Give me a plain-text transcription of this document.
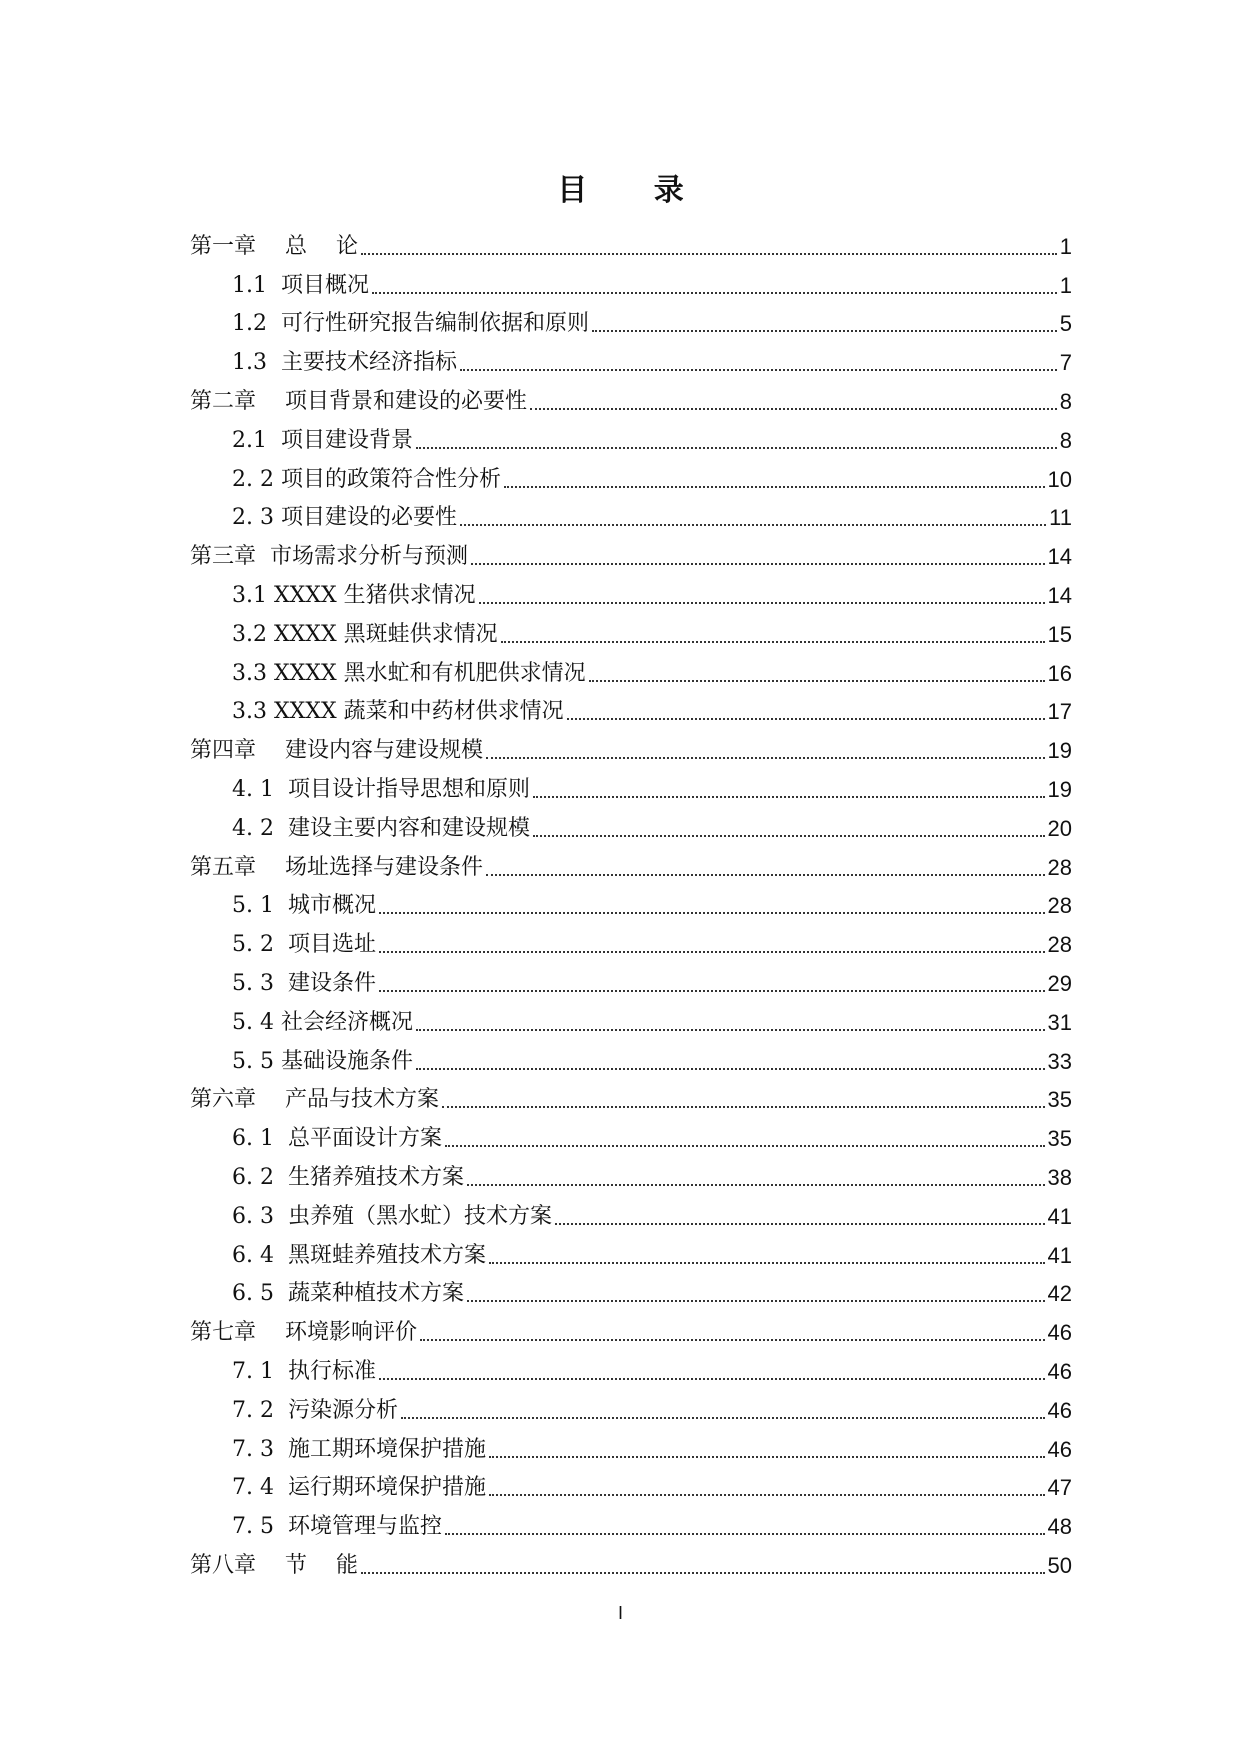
目 录
第一章　 总　 论	1
1.1  项目概况	1
1.2  可行性研究报告编制依据和原则	5
1.3  主要技术经济指标	7
第二章　 项目背景和建设的必要性	8
2.1  项目建设背景	8
2. 2 项目的政策符合性分析	10
2. 3 项目建设的必要性	11
第三章  市场需求分析与预测	14
3.1 XXXX 生猪供求情况	14
3.2 XXXX 黑斑蛙供求情况	15
3.3 XXXX 黑水虻和有机肥供求情况	16
3.3 XXXX 蔬菜和中药材供求情况	17
第四章　 建设内容与建设规模	19
4. 1  项目设计指导思想和原则	19
4. 2  建设主要内容和建设规模	20
第五章　 场址选择与建设条件	28
5. 1  城市概况	28
5. 2  项目选址	28
5. 3  建设条件	29
5. 4 社会经济概况	31
5. 5 基础设施条件	33
第六章　 产品与技术方案	35
6. 1  总平面设计方案	35
6. 2  生猪养殖技术方案	38
6. 3  虫养殖（黑水虻）技术方案	41
6. 4  黑斑蛙养殖技术方案	41
6. 5  蔬菜种植技术方案	42
第七章　 环境影响评价	46
7. 1  执行标准	46
7. 2  污染源分析	46
7. 3  施工期环境保护措施	46
7. 4  运行期环境保护措施	47
7. 5  环境管理与监控	48
第八章　 节　 能	50
I
